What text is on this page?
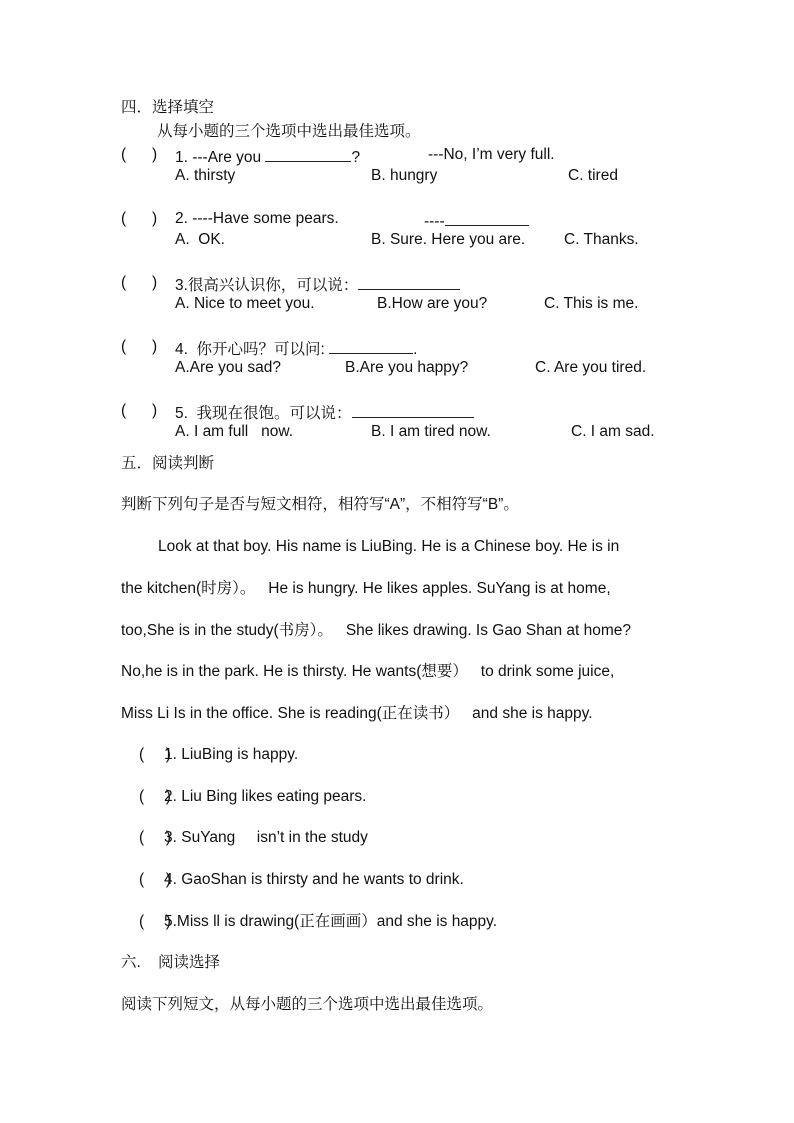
四．选择填空
从每小题的三个选项中选出最佳选项。
(      ) 1. ---Are you	?	---No, I’m very full.
A. thirsty	B. hungry	C. tired
(      ) 2. ----Have some pears.	----
A.  OK.	B. Sure. Here you are.	C. Thanks.
(      ) 3.很高兴认识你，可以说：
A. Nice to meet you.	B.How are you?	C. This is me.
(      ) 4.  你开心吗？可以问:	.
A.Are you sad?	B.Are you happy?	C. Are you tired.
(      ) 5.  我现在很饱。可以说：
A. I am full   now.	B. I am tired now.	C. I am sad.
五．阅读判断
判断下列句子是否与短文相符，相符写“A”，不相符写“B”。
Look at that boy. His name is LiuBing. He is a Chinese boy. He is in
the kitchen(时房）。   He is hungry. He likes apples. SuYang is at home,
too,She is in the study(书房）。   She likes drawing. Is Gao Shan at home?
No,he is in the park. He is thirsty. He wants(想要）   to drink some juice,
Miss Li Is in the office. She is reading(正在读书）   and she is happy.
(     )
1. LiuBing is happy.
(     )
2. Liu Bing likes eating pears.
(     )
3. SuYang     isn’t in the study
(     )
4. GaoShan is thirsty and he wants to drink.
(     )
5.Miss ll is drawing(正在画画）and she is happy.
六.    阅读选择
阅读下列短文，从每小题的三个选项中选出最佳选项。
